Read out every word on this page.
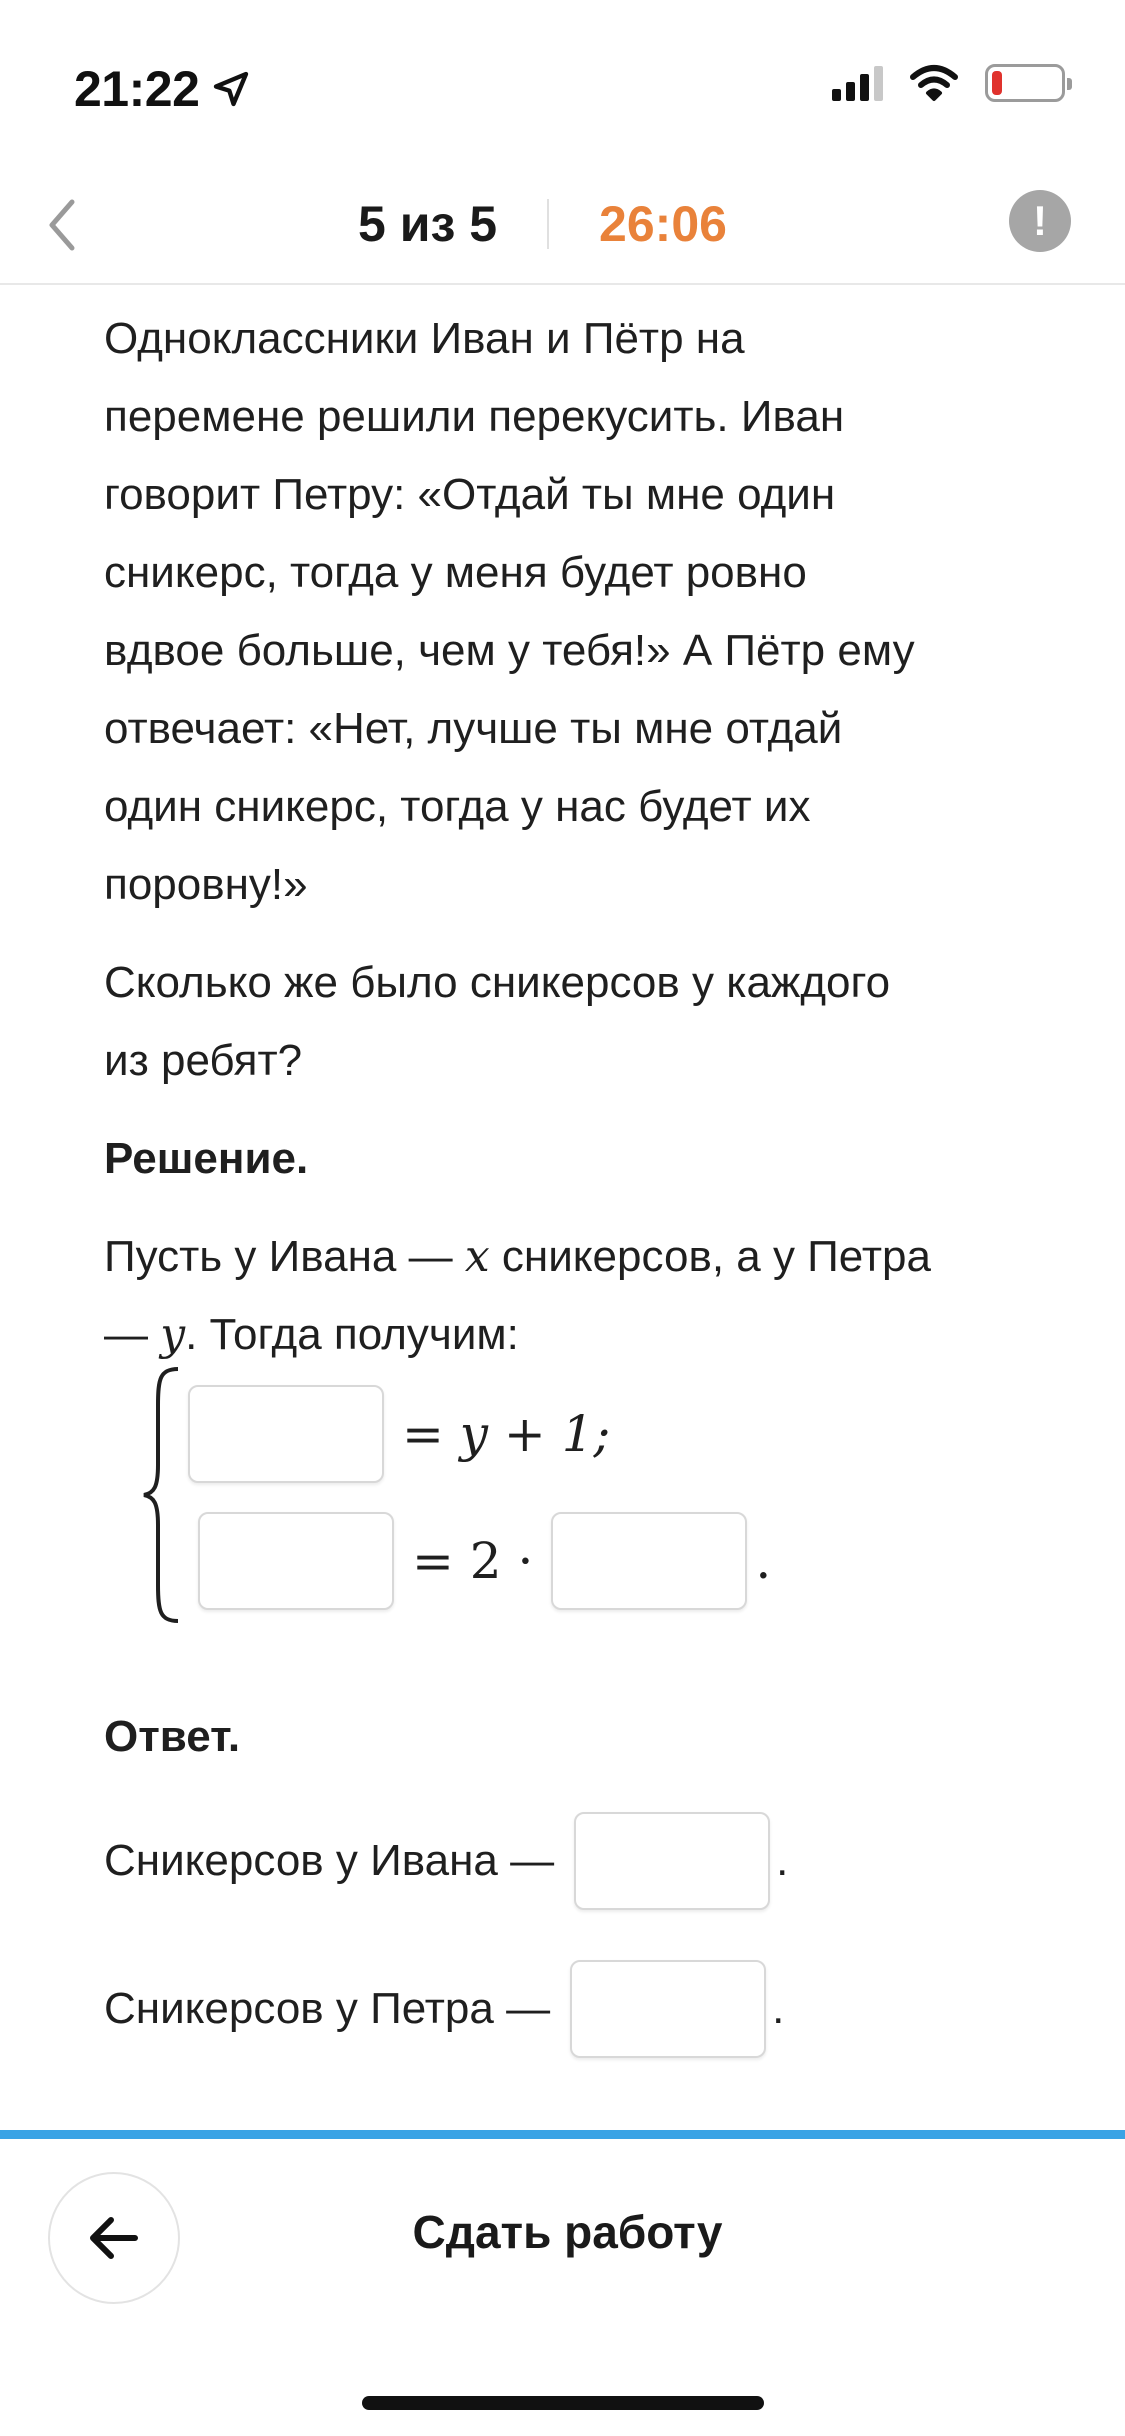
21:22
5 из 5 26:06	!
Одноклассники Иван и Пётр на
перемене решили перекусить. Иван
говорит Петру: «Отдай ты мне один
сникерс, тогда у меня будет ровно
вдвое больше, чем у тебя!» А Пётр ему
отвечает: «Нет, лучше ты мне отдай
один сникерс, тогда у нас будет их
поровну!»
Сколько же было сникерсов у каждого
из ребят?
Решение.
Пусть у Ивана — x сникерсов, а у Петра
— y. Тогда получим:
= y + 1;
= 2 ·	.
Ответ.
Сникерсов у Ивана —	.
Сникерсов у Петра —	.
Сдать работу
